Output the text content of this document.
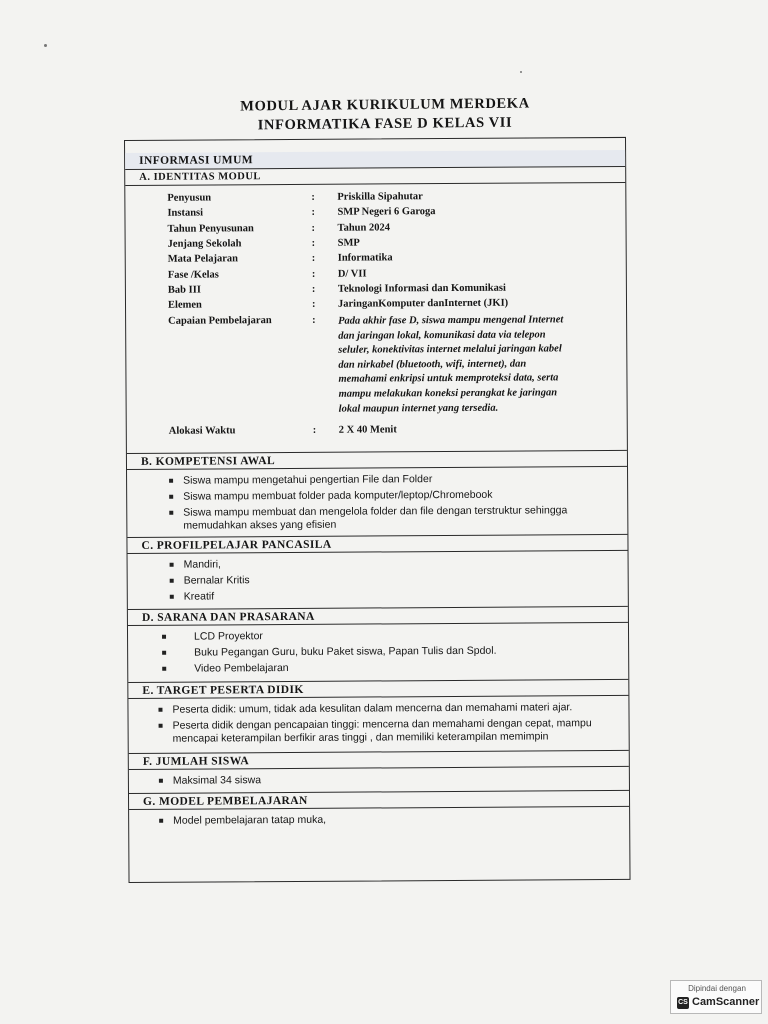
MODUL AJAR KURIKULUM MERDEKA
INFORMATIKA FASE D KELAS VII
INFORMASI UMUM
A. IDENTITAS MODUL
Penyusun	: Priskilla Sipahutar
Instansi	: SMP Negeri 6 Garoga
Tahun Penyusunan	: Tahun 2024
Jenjang Sekolah	: SMP
Mata Pelajaran	: Informatika
Fase /Kelas	: D/ VII
Bab III	: Teknologi Informasi dan Komunikasi
Elemen	: JaringanKomputer danInternet (JKI)
Capaian Pembelajaran	: Pada akhir fase D, siswa mampu mengenal Internet
dan jaringan lokal, komunikasi data via telepon
seluler, konektivitas internet melalui jaringan kabel
dan nirkabel (bluetooth, wifi, internet), dan
memahami enkripsi untuk memproteksi data, serta
mampu melakukan koneksi perangkat ke jaringan
lokal maupun internet yang tersedia.
Alokasi Waktu	: 2 X 40 Menit
B. KOMPETENSI AWAL
Siswa mampu mengetahui pengertian File dan Folder
Siswa mampu membuat folder pada komputer/leptop/Chromebook
Siswa mampu membuat dan mengelola folder dan file dengan terstruktur sehingga
memudahkan akses yang efisien
C. PROFILPELAJAR PANCASILA
Mandiri,
Bernalar Kritis
Kreatif
D. SARANA DAN PRASARANA
LCD Proyektor
Buku Pegangan Guru, buku Paket siswa, Papan Tulis dan Spdol.
Video Pembelajaran
E. TARGET PESERTA DIDIK
Peserta didik: umum, tidak ada kesulitan dalam mencerna dan memahami materi ajar.
Peserta didik dengan pencapaian tinggi: mencerna dan memahami dengan cepat, mampu
mencapai keterampilan berfikir aras tinggi , dan memiliki keterampilan memimpin
F. JUMLAH SISWA
Maksimal 34 siswa
G. MODEL PEMBELAJARAN
Model pembelajaran tatap muka,
Dipindai dengan
CS CamScanner
